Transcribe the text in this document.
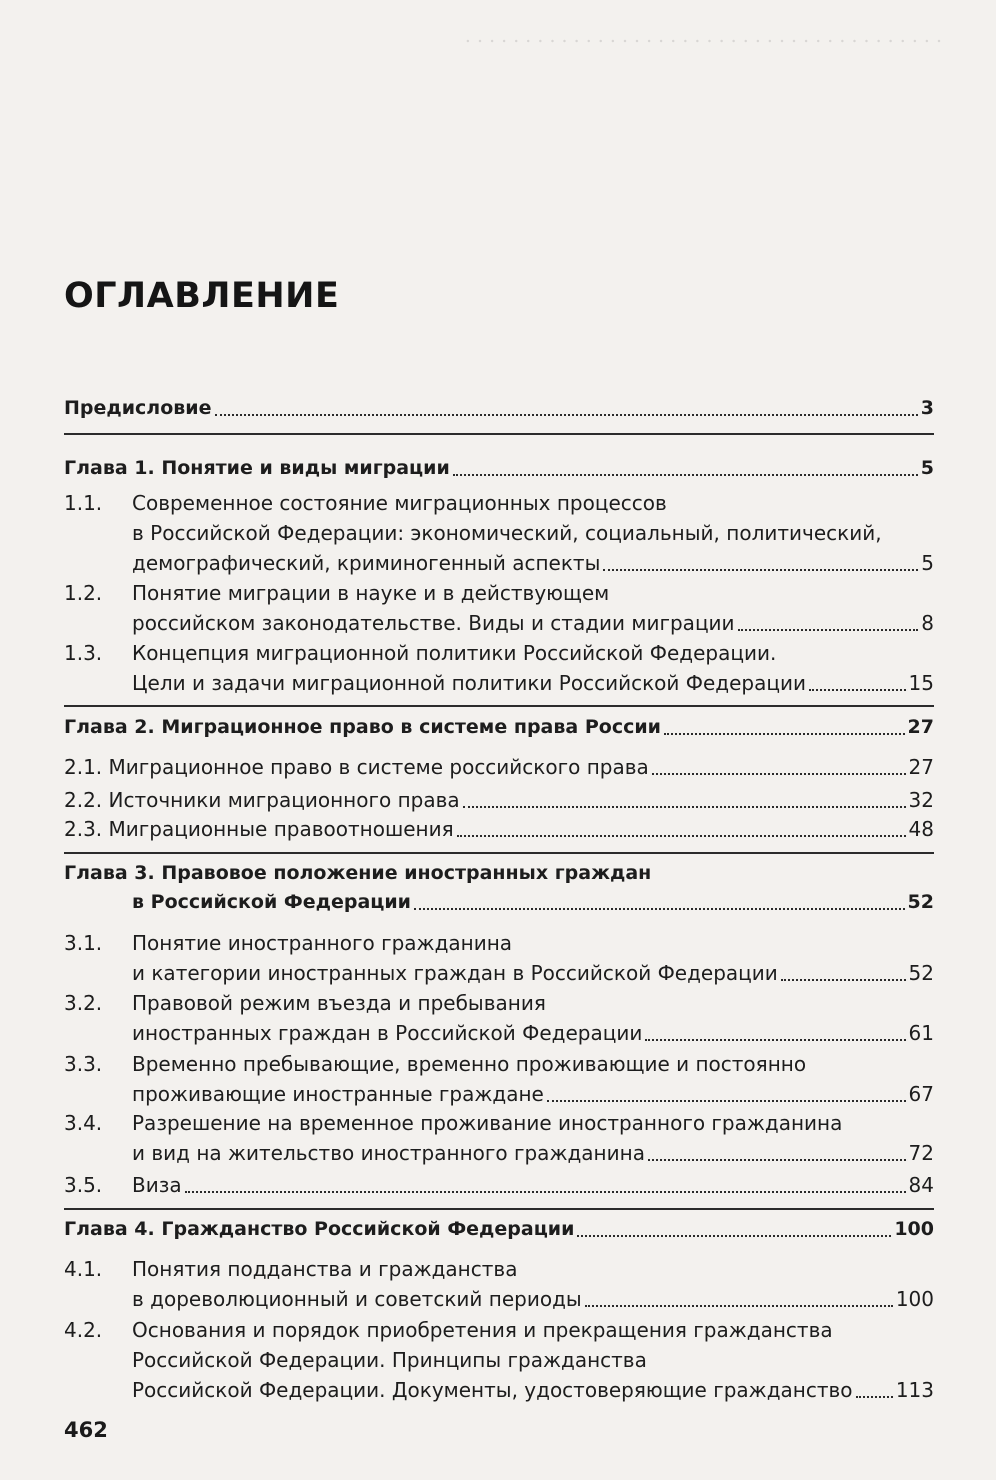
. . . . . . . . . . . . . . . . . . . . . . . . . . . . . . . . . . . . . . . .

ОГЛАВЛЕНИЕ
Предисловие	3
Глава 1. Понятие и виды миграции	5
1.1.	Современное состояние миграционных процессов
в Российской Федерации: экономический, социальный, политический,
демографический, криминогенный аспекты	5
1.2.	Понятие миграции в науке и в действующем
российском законодательстве. Виды и стадии миграции	8
1.3.	Концепция миграционной политики Российской Федерации.
Цели и задачи миграционной политики Российской Федерации	15
Глава 2. Миграционное право в системе права России	27
2.1. Миграционное право в системе российского права	27
2.2. Источники миграционного права	32
2.3. Миграционные правоотношения	48
Глава 3. Правовое положение иностранных граждан
в Российской Федерации	52
3.1.	Понятие иностранного гражданина
и категории иностранных граждан в Российской Федерации	52
3.2.	Правовой режим въезда и пребывания
иностранных граждан в Российской Федерации	61
3.3.	Временно пребывающие, временно проживающие и постоянно
проживающие иностранные граждане	67
3.4.	Разрешение на временное проживание иностранного гражданина
и вид на жительство иностранного гражданина	72
3.5.	Виза	84
Глава 4. Гражданство Российской Федерации	100
4.1.	Понятия подданства и гражданства
в дореволюционный и советский периоды	100
4.2.	Основания и порядок приобретения и прекращения гражданства
Российской Федерации. Принципы гражданства
Российской Федерации. Документы, удостоверяющие гражданство 113
462
